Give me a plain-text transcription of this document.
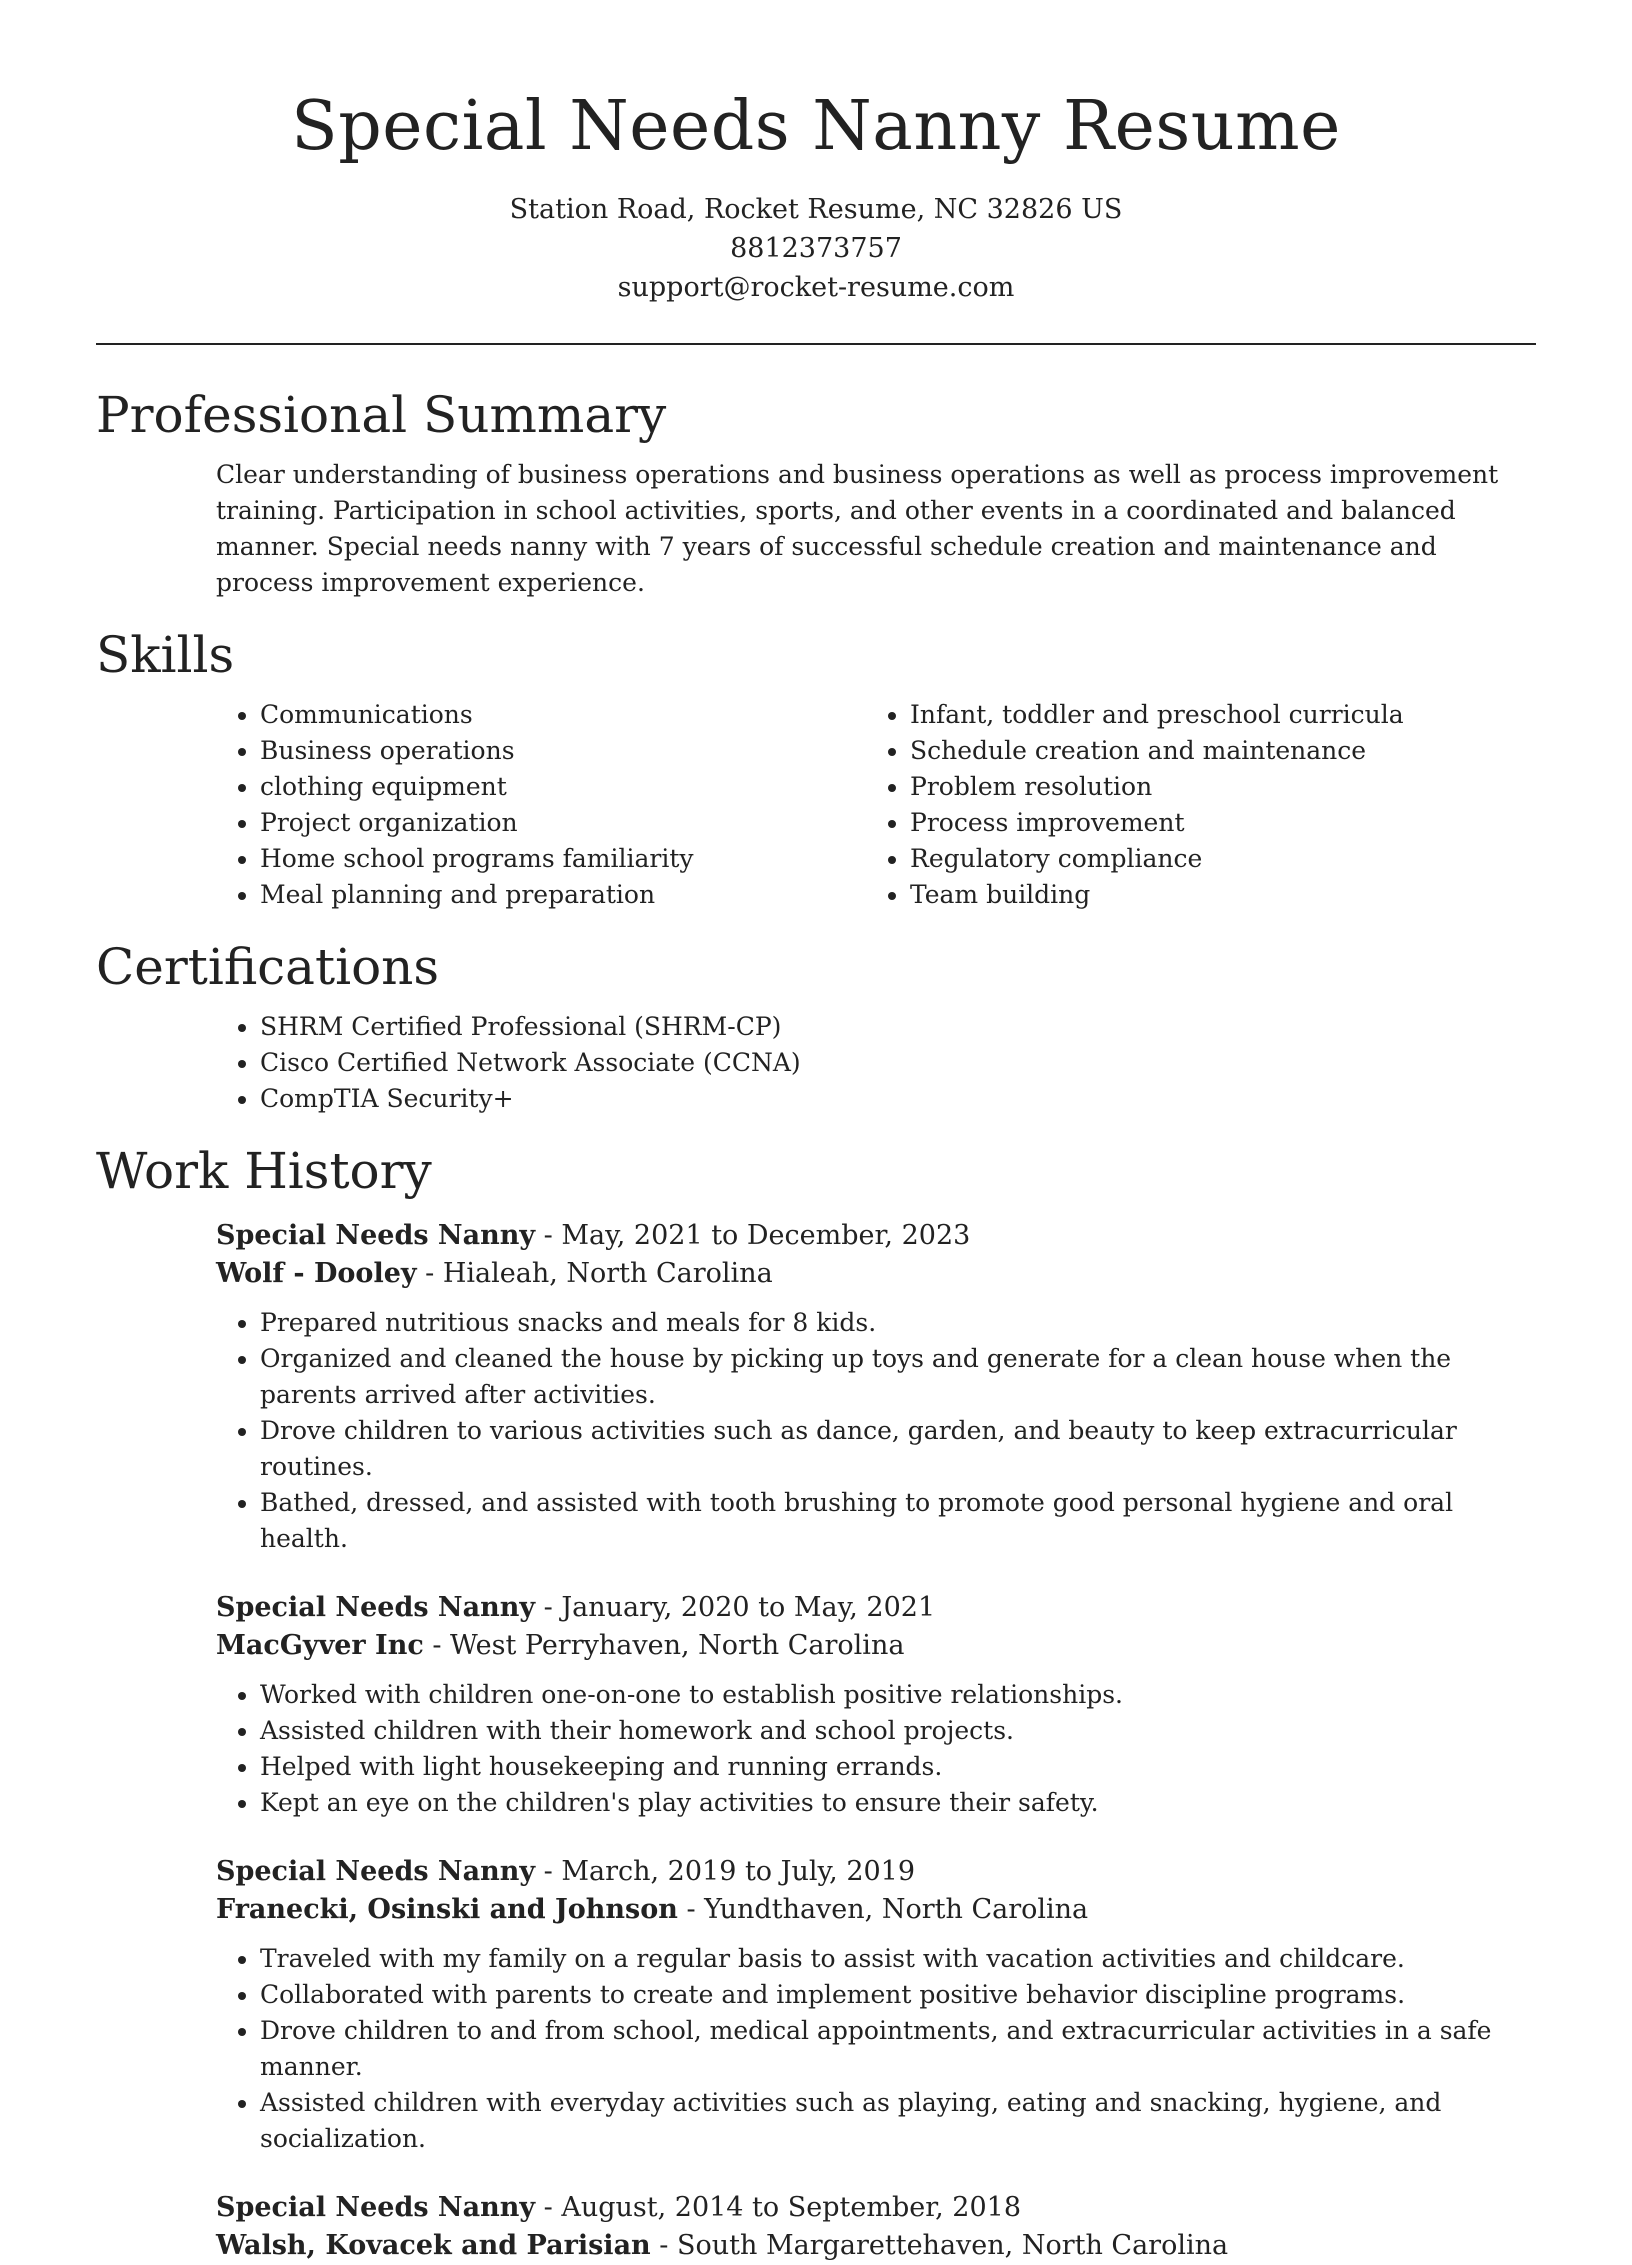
Special Needs Nanny Resume
Station Road, Rocket Resume, NC 32826 US
8812373757
support@rocket-resume.com
Professional Summary
Clear understanding of business operations and business operations as well as process improvement training. Participation in school activities, sports, and other events in a coordinated and balanced manner. Special needs nanny with 7 years of successful schedule creation and maintenance and process improvement experience.
Skills
• Communications
• Business operations
• clothing equipment
• Project organization
• Home school programs familiarity
• Meal planning and preparation
• Infant, toddler and preschool curricula
• Schedule creation and maintenance
• Problem resolution
• Process improvement
• Regulatory compliance
• Team building
Certifications
• SHRM Certified Professional (SHRM-CP)
• Cisco Certified Network Associate (CCNA)
• CompTIA Security+
Work History
Special Needs Nanny - May, 2021 to December, 2023
Wolf - Dooley - Hialeah, North Carolina
• Prepared nutritious snacks and meals for 8 kids.
• Organized and cleaned the house by picking up toys and generate for a clean house when the parents arrived after activities.
• Drove children to various activities such as dance, garden, and beauty to keep extracurricular routines.
• Bathed, dressed, and assisted with tooth brushing to promote good personal hygiene and oral health.
Special Needs Nanny - January, 2020 to May, 2021
MacGyver Inc - West Perryhaven, North Carolina
• Worked with children one-on-one to establish positive relationships.
• Assisted children with their homework and school projects.
• Helped with light housekeeping and running errands.
• Kept an eye on the children's play activities to ensure their safety.
Special Needs Nanny - March, 2019 to July, 2019
Franecki, Osinski and Johnson - Yundthaven, North Carolina
• Traveled with my family on a regular basis to assist with vacation activities and childcare.
• Collaborated with parents to create and implement positive behavior discipline programs.
• Drove children to and from school, medical appointments, and extracurricular activities in a safe manner.
• Assisted children with everyday activities such as playing, eating and snacking, hygiene, and socialization.
Special Needs Nanny - August, 2014 to September, 2018
Walsh, Kovacek and Parisian - South Margarettehaven, North Carolina
